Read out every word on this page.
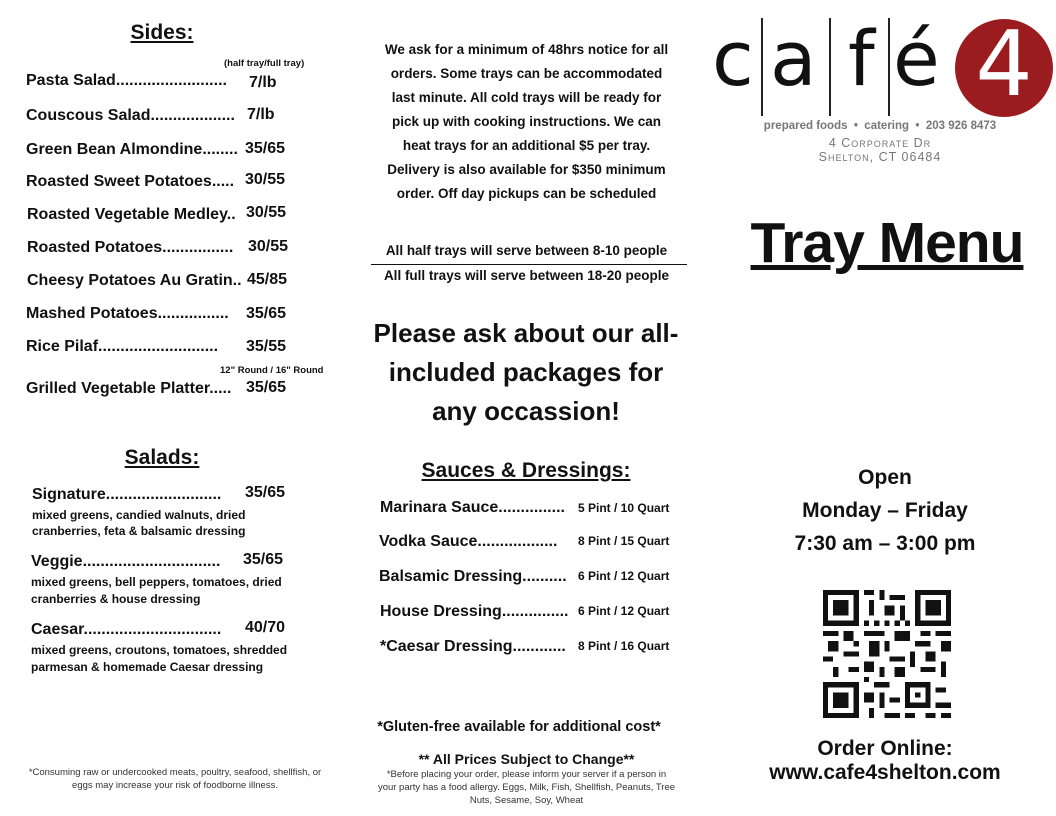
Sides:
(half tray/full tray)
Pasta Salad......................... 7/lb
Couscous Salad................... 7/lb
Green Bean Almondine........ 35/65
Roasted Sweet Potatoes..... 30/55
Roasted Vegetable Medley.. 30/55
Roasted Potatoes................ 30/55
Cheesy Potatoes Au Gratin.. 45/85
Mashed Potatoes................ 35/65
Rice Pilaf........................... 35/55
12" Round / 16" Round
Grilled Vegetable Platter..... 35/65
Salads:
Signature.......................... 35/65
mixed greens, candied walnuts, dried
cranberries, feta & balsamic dressing
Veggie............................... 35/65
mixed greens, bell peppers, tomatoes, dried
cranberries & house dressing
Caesar............................... 40/70
mixed greens, croutons, tomatoes, shredded
parmesan & homemade Caesar dressing
*Consuming raw or undercooked meats, poultry, seafood, shellfish, or
eggs may increase your risk of foodborne illness.
We ask for a minimum of 48hrs notice for all
orders. Some trays can be accommodated
last minute. All cold trays will be ready for
pick up with cooking instructions. We can
heat trays for an additional $5 per tray.
Delivery is also available for $350 minimum
order. Off day pickups can be scheduled
All half trays will serve between 8-10 people
All full trays will serve between 18-20 people
Please ask about our all-
included packages for
any occassion!
Sauces & Dressings:
Marinara Sauce............... 5 Pint / 10 Quart
Vodka Sauce.................. 8 Pint / 15 Quart
Balsamic Dressing.......... 6 Pint / 12 Quart
House Dressing............... 6 Pint / 12 Quart
*Caesar Dressing............ 8 Pint / 16 Quart
*Gluten-free available for additional cost*
** All Prices Subject to Change**
*Before placing your order, please inform your server if a person in
your party has a food allergy. Eggs, Milk, Fish, Shellfish, Peanuts, Tree
Nuts, Sesame, Soy, Wheat
c a f é 4
prepared foods  •  catering  •  203 926 8473
4 Corporate Dr
Shelton, CT 06484
Tray Menu
Open
Monday – Friday
7:30 am – 3:00 pm
Order Online:
www.cafe4shelton.com
